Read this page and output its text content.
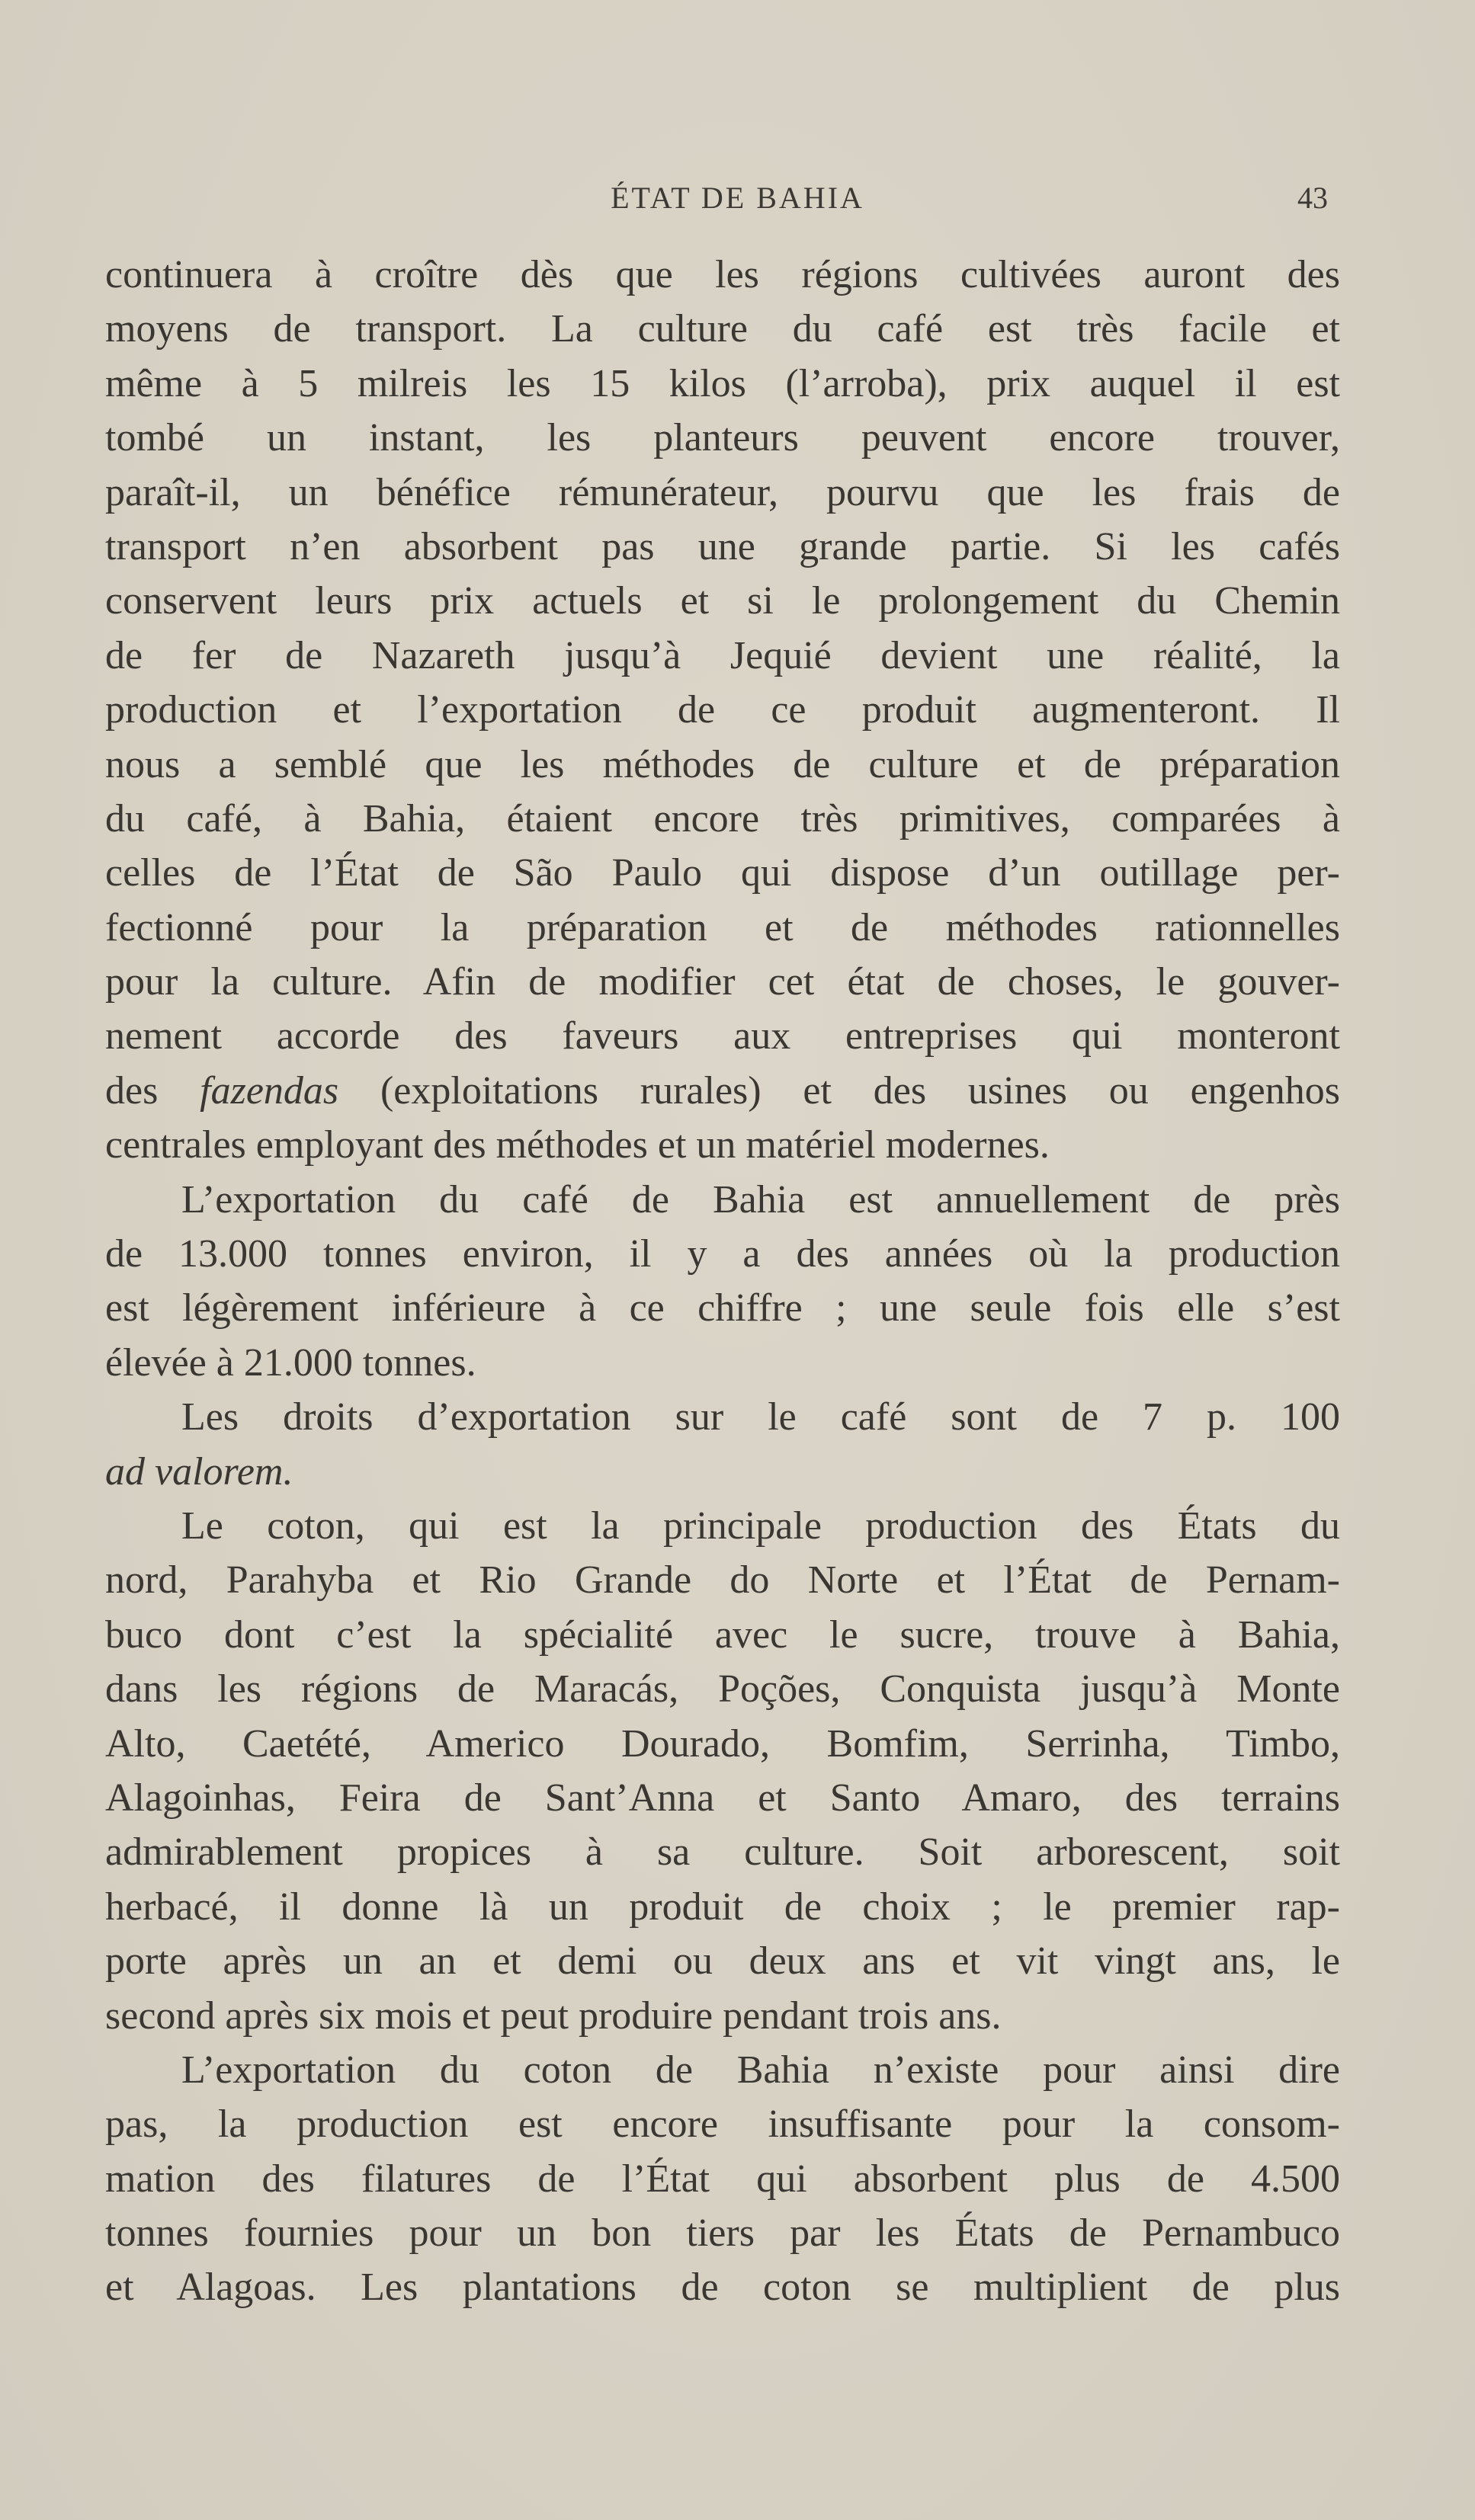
ÉTAT DE BAHIA	43
continuera à croître dès que les régions cultivées auront des
moyens de transport. La culture du café est très facile et
même à 5 milreis les 15 kilos (l’arroba), prix auquel il est
tombé un instant, les planteurs peuvent encore trouver,
paraît-il, un bénéfice rémunérateur, pourvu que les frais de
transport n’en absorbent pas une grande partie. Si les cafés
conservent leurs prix actuels et si le prolongement du Chemin
de fer de Nazareth jusqu’à Jequié devient une réalité, la
production et l’exportation de ce produit augmenteront. Il
nous a semblé que les méthodes de culture et de préparation
du café, à Bahia, étaient encore très primitives, comparées à
celles de l’État de São Paulo qui dispose d’un outillage per-
fectionné pour la préparation et de méthodes rationnelles
pour la culture. Afin de modifier cet état de choses, le gouver-
nement accorde des faveurs aux entreprises qui monteront
des fazendas (exploitations rurales) et des usines ou engenhos
centrales employant des méthodes et un matériel modernes.
L’exportation du café de Bahia est annuellement de près
de 13.000 tonnes environ, il y a des années où la production
est légèrement inférieure à ce chiffre ; une seule fois elle s’est
élevée à 21.000 tonnes.
Les droits d’exportation sur le café sont de 7 p. 100
ad valorem.
Le coton, qui est la principale production des États du
nord, Parahyba et Rio Grande do Norte et l’État de Pernam-
buco dont c’est la spécialité avec le sucre, trouve à Bahia,
dans les régions de Maracás, Poções, Conquista jusqu’à Monte
Alto, Caetété, Americo Dourado, Bomfim, Serrinha, Timbo,
Alagoinhas, Feira de Sant’Anna et Santo Amaro, des terrains
admirablement propices à sa culture. Soit arborescent, soit
herbacé, il donne là un produit de choix ; le premier rap-
porte après un an et demi ou deux ans et vit vingt ans, le
second après six mois et peut produire pendant trois ans.
L’exportation du coton de Bahia n’existe pour ainsi dire
pas, la production est encore insuffisante pour la consom-
mation des filatures de l’État qui absorbent plus de 4.500
tonnes fournies pour un bon tiers par les États de Pernambuco
et Alagoas. Les plantations de coton se multiplient de plus
